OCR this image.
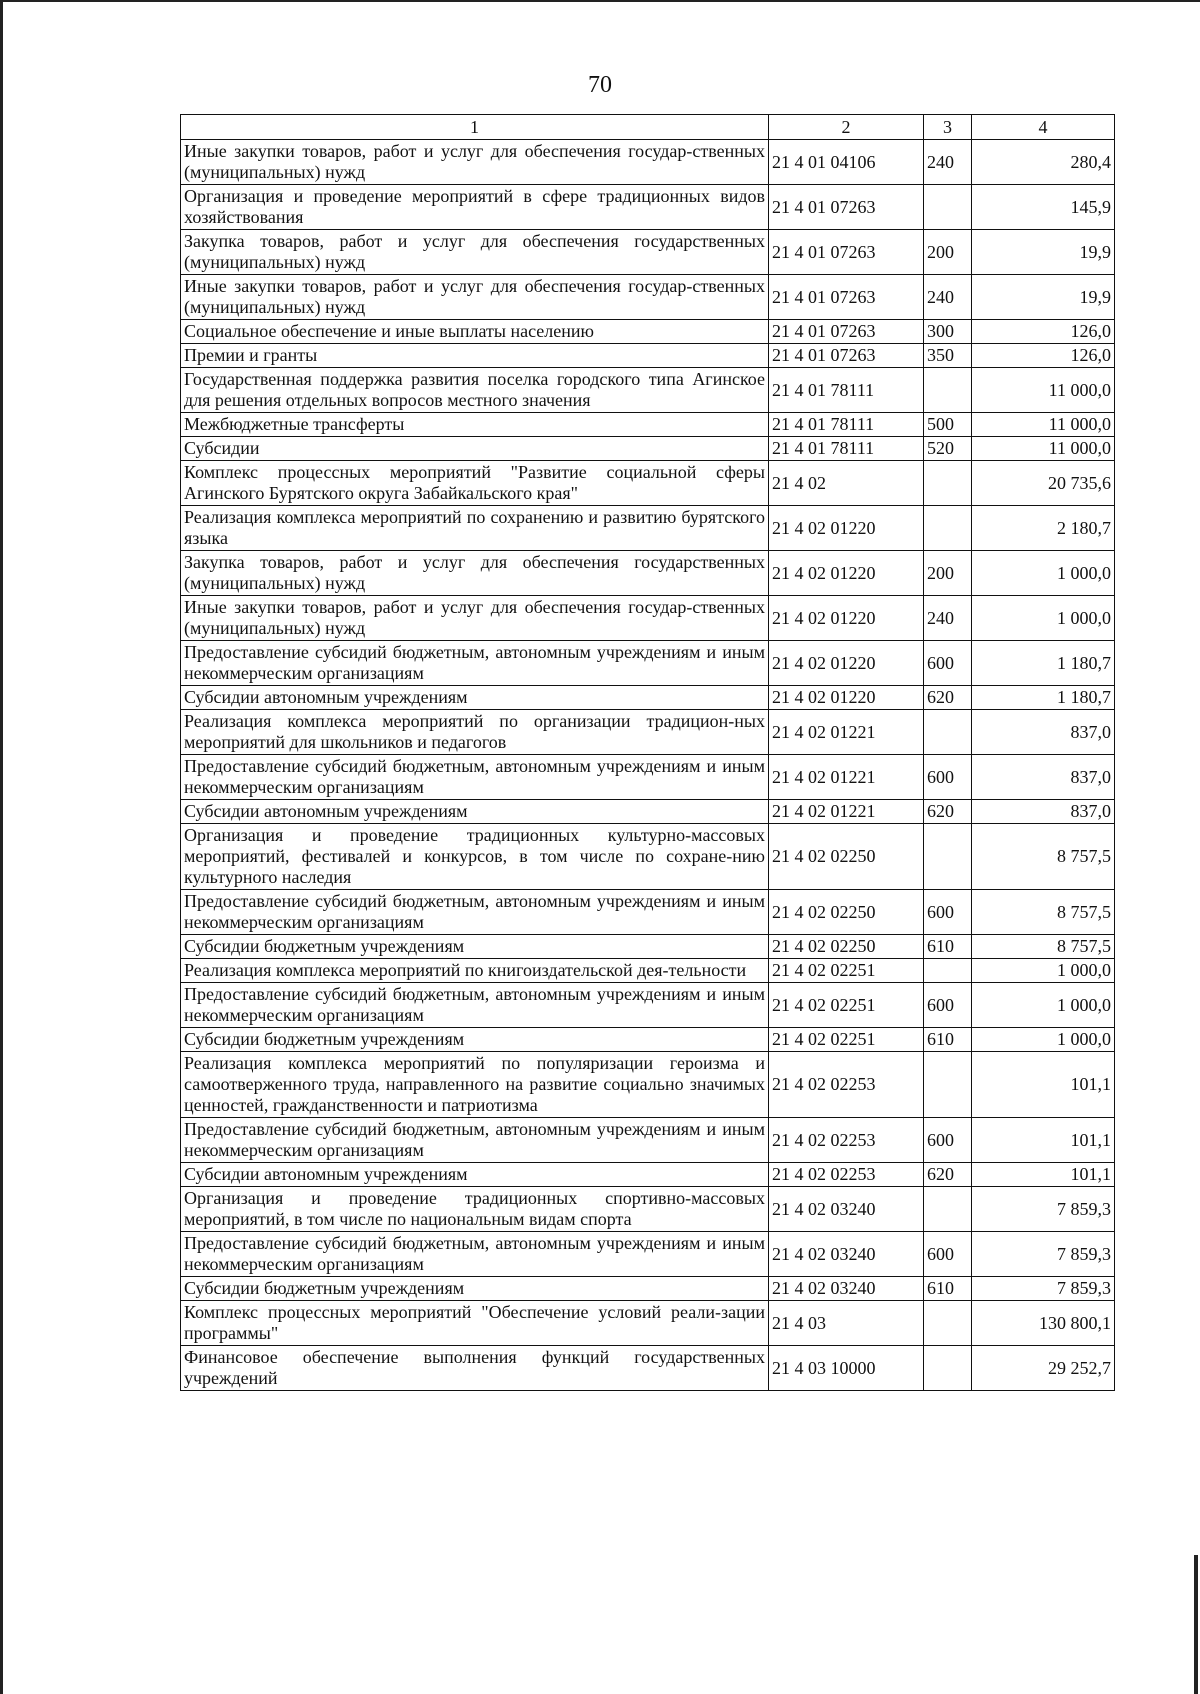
70
1	2	3	4
Иные закупки товаров, работ и услуг для обеспечения государ-ственных (муниципальных) нужд	21 4 01 04106	240	280,4
Организация и проведение мероприятий в сфере традиционных видов хозяйствования	21 4 01 07263		145,9
Закупка товаров, работ и услуг для обеспечения государственных (муниципальных) нужд	21 4 01 07263	200	19,9
Иные закупки товаров, работ и услуг для обеспечения государ-ственных (муниципальных) нужд	21 4 01 07263	240	19,9
Социальное обеспечение и иные выплаты населению	21 4 01 07263	300	126,0
Премии и гранты	21 4 01 07263	350	126,0
Государственная поддержка развития поселка городского типа Агинское для решения отдельных вопросов местного значения	21 4 01 78111		11 000,0
Межбюджетные трансферты	21 4 01 78111	500	11 000,0
Субсидии	21 4 01 78111	520	11 000,0
Комплекс процессных мероприятий "Развитие социальной сферы Агинского Бурятского округа Забайкальского края"	21 4 02		20 735,6
Реализация комплекса мероприятий по сохранению и развитию бурятского языка	21 4 02 01220		2 180,7
Закупка товаров, работ и услуг для обеспечения государственных (муниципальных) нужд	21 4 02 01220	200	1 000,0
Иные закупки товаров, работ и услуг для обеспечения государ-ственных (муниципальных) нужд	21 4 02 01220	240	1 000,0
Предоставление субсидий бюджетным, автономным учреждениям и иным некоммерческим организациям	21 4 02 01220	600	1 180,7
Субсидии автономным учреждениям	21 4 02 01220	620	1 180,7
Реализация комплекса мероприятий по организации традицион-ных мероприятий для школьников и педагогов	21 4 02 01221		837,0
Предоставление субсидий бюджетным, автономным учреждениям и иным некоммерческим организациям	21 4 02 01221	600	837,0
Субсидии автономным учреждениям	21 4 02 01221	620	837,0
Организация и проведение традиционных культурно-массовых мероприятий, фестивалей и конкурсов, в том числе по сохране-нию культурного наследия	21 4 02 02250		8 757,5
Предоставление субсидий бюджетным, автономным учреждениям и иным некоммерческим организациям	21 4 02 02250	600	8 757,5
Субсидии бюджетным учреждениям	21 4 02 02250	610	8 757,5
Реализация комплекса мероприятий по книгоиздательской дея-тельности	21 4 02 02251		1 000,0
Предоставление субсидий бюджетным, автономным учреждениям и иным некоммерческим организациям	21 4 02 02251	600	1 000,0
Субсидии бюджетным учреждениям	21 4 02 02251	610	1 000,0
Реализация комплекса мероприятий по популяризации героизма и самоотверженного труда, направленного на развитие социально значимых ценностей, гражданственности и патриотизма	21 4 02 02253		101,1
Предоставление субсидий бюджетным, автономным учреждениям и иным некоммерческим организациям	21 4 02 02253	600	101,1
Субсидии автономным учреждениям	21 4 02 02253	620	101,1
Организация и проведение традиционных спортивно-массовых мероприятий, в том числе по национальным видам спорта	21 4 02 03240		7 859,3
Предоставление субсидий бюджетным, автономным учреждениям и иным некоммерческим организациям	21 4 02 03240	600	7 859,3
Субсидии бюджетным учреждениям	21 4 02 03240	610	7 859,3
Комплекс процессных мероприятий "Обеспечение условий реали-зации программы"	21 4 03		130 800,1
Финансовое обеспечение выполнения функций государственных учреждений	21 4 03 10000		29 252,7
